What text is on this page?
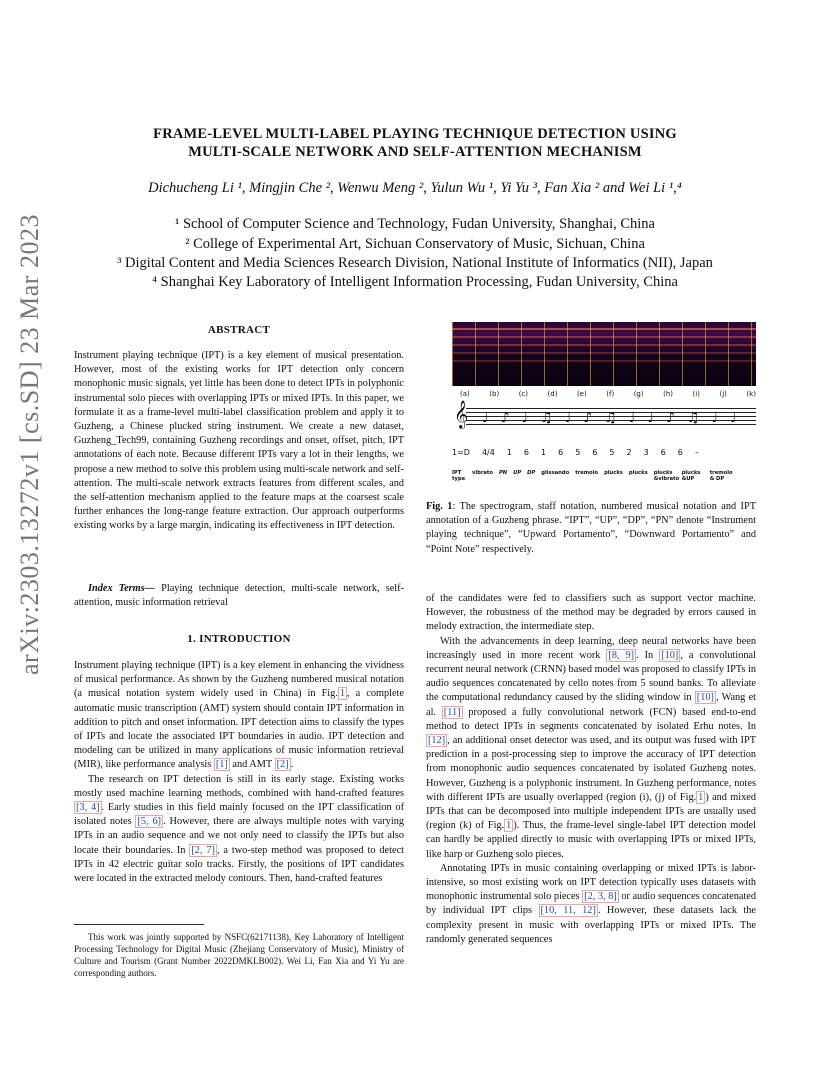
arXiv:2303.13272v1 [cs.SD] 23 Mar 2023
FRAME-LEVEL MULTI-LABEL PLAYING TECHNIQUE DETECTION USING
MULTI-SCALE NETWORK AND SELF-ATTENTION MECHANISM
Dichucheng Li ¹, Mingjin Che ², Wenwu Meng ², Yulun Wu ¹, Yi Yu ³, Fan Xia ² and Wei Li ¹,⁴
¹ School of Computer Science and Technology, Fudan University, Shanghai, China
² College of Experimental Art, Sichuan Conservatory of Music, Sichuan, China
³ Digital Content and Media Sciences Research Division, National Institute of Informatics (NII), Japan
⁴ Shanghai Key Laboratory of Intelligent Information Processing, Fudan University, China
ABSTRACT
Instrument playing technique (IPT) is a key element of musical presentation. However, most of the existing works for IPT detection only concern monophonic music signals, yet little has been done to detect IPTs in polyphonic instrumental solo pieces with overlapping IPTs or mixed IPTs. In this paper, we formulate it as a frame-level multi-label classification problem and apply it to Guzheng, a Chinese plucked string instrument. We create a new dataset, Guzheng_Tech99, containing Guzheng recordings and onset, offset, pitch, IPT annotations of each note. Because different IPTs vary a lot in their lengths, we propose a new method to solve this problem using multi-scale network and self-attention. The multi-scale network extracts features from different scales, and the self-attention mechanism applied to the feature maps at the coarsest scale further enhances the long-range feature extraction. Our approach outperforms existing works by a large margin, indicating its effectiveness in IPT detection.

Index Terms— Playing technique detection, multi-scale network, self-attention, music information retrieval

1. INTRODUCTION

Instrument playing technique (IPT) is a key element in enhancing the vividness of musical performance. As shown by the Guzheng numbered musical notation (a musical notation system widely used in China) in Fig. 1 , a complete automatic music transcription (AMT) system should contain IPT information in addition to pitch and onset information. IPT detection aims to classify the types of IPTs and locate the associated IPT boundaries in audio. IPT detection and modeling can be utilized in many applications of music information retrieval (MIR), like performance analysis [1] and AMT [2] .

The research on IPT detection is still in its early stage. Existing works mostly used machine learning methods, combined with hand-crafted features [3, 4] . Early studies in this field mainly focused on the IPT classification of isolated notes [5, 6] . However, there are always multiple notes with varying IPTs in an audio sequence and we not only need to classify the IPTs but also locate their boundaries. In [2, 7] , a two-step method was proposed to detect IPTs in 42 electric guitar solo tracks. Firstly, the positions of IPT candidates were located in the extracted melody contours. Then, hand-crafted features

This work was jointly supported by NSFC(62171138), Key Laboratory of Intelligent Processing Technology for Digital Music (Zhejiang Conservatory of Music), Ministry of Culture and Tourism (Grant Number 2022DMKLB002). Wei Li, Fan Xia and Yi Yu are corresponding authors.
(a)	(b)	(c)	(d)	(e)	(f)	(g)	(h)	(i)	(j)	(k)
𝄞 ♩♪♩♫♩♪♫♩♩♪♫♩♩
1=D 4/4 1 6 1 6 5 6 5 2 3 6 6 –
IPT type
vibrato PN UP DP glissando tremolo plucks plucks plucks &vibrato
plucks &UP
tremolo & DP
Fig. 1: The spectrogram, staff notation, numbered musical notation and IPT annotation of a Guzheng phrase. “IPT”, “UP”, “DP”, “PN” denote “Instrument playing technique”, “Upward Portamento”, “Downward Portamento” and “Point Note” respectively.

of the candidates were fed to classifiers such as support vector machine. However, the robustness of the method may be degraded by errors caused in melody extraction, the intermediate step.

With the advancements in deep learning, deep neural networks have been increasingly used in more recent work [8, 9] . In [10] , a convolutional recurrent neural network (CRNN) based model was proposed to classify IPTs in audio sequences concatenated by cello notes from 5 sound banks. To alleviate the computational redundancy caused by the sliding window in [10] , Wang et al. [11] proposed a fully convolutional network (FCN) based end-to-end method to detect IPTs in segments concatenated by isolated Erhu notes. In [12] , an additional onset detector was used, and its output was fused with IPT prediction in a post-processing step to improve the accuracy of IPT detection from monophonic audio sequences concatenated by isolated Guzheng notes. However, Guzheng is a polyphonic instrument. In Guzheng performance, notes with different IPTs are usually overlapped (region (i), (j) of Fig. 1 ) and mixed IPTs that can be decomposed into multiple independent IPTs are usually used (region (k) of Fig. 1 ). Thus, the frame-level single-label IPT detection model can hardly be applied directly to music with overlapping IPTs or mixed IPTs, like harp or Guzheng solo pieces.

Annotating IPTs in music containing overlapping or mixed IPTs is labor-intensive, so most existing work on IPT detection typically uses datasets with monophonic instrumental solo pieces [2, 3, 8] or audio sequences concatenated by individual IPT clips [10, 11, 12] . However, these datasets lack the complexity present in music with overlapping IPTs or mixed IPTs. The randomly generated sequences
